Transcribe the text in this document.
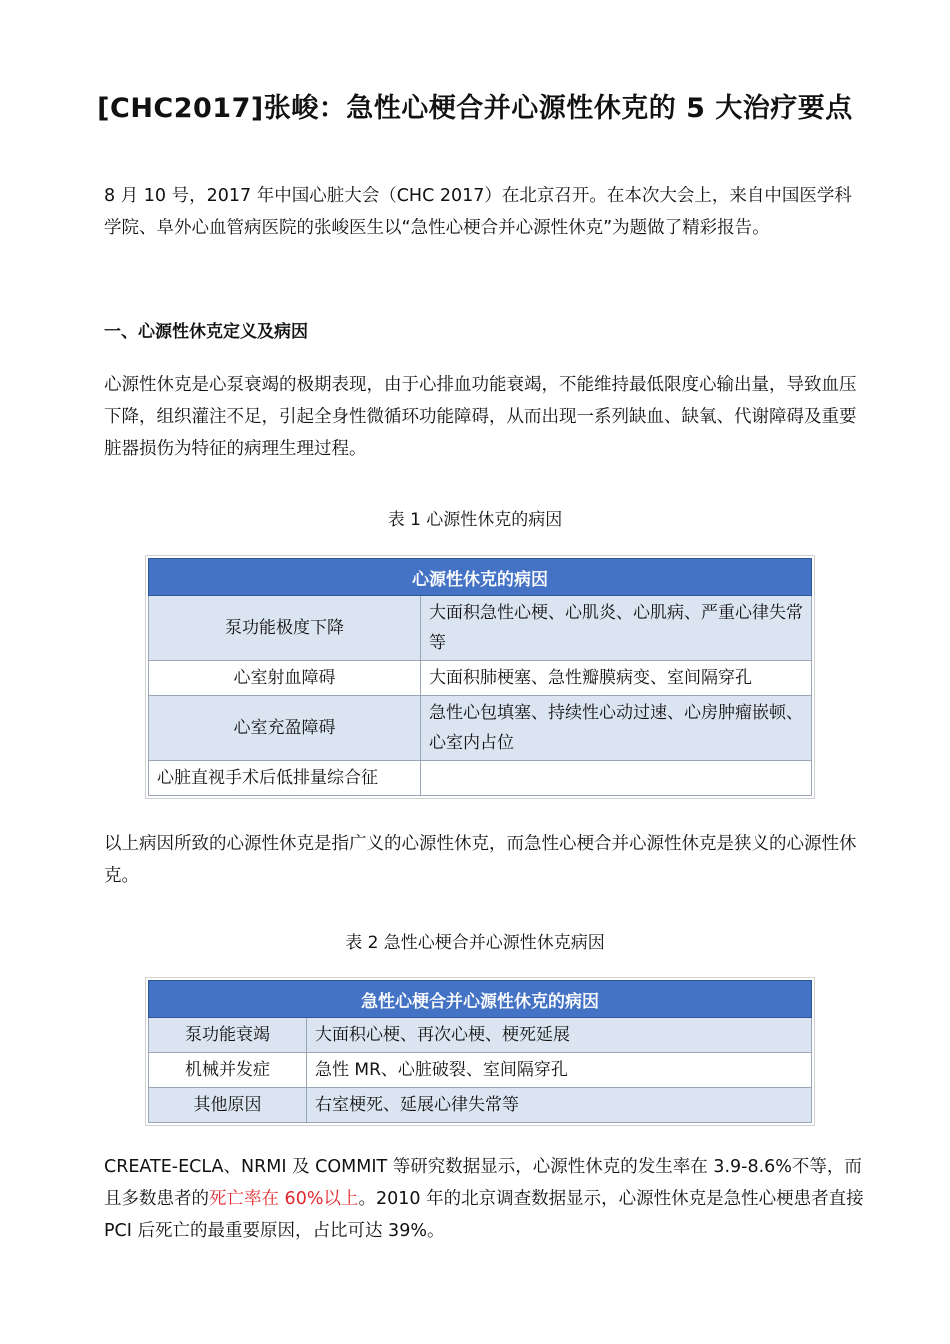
[CHC2017]张峻：急性心梗合并心源性休克的 5 大治疗要点

8 月 10 号，2017 年中国心脏大会（CHC 2017）在北京召开。在本次大会上，来自中国医学科学院、阜外心血管病医院的张峻医生以“急性心梗合并心源性休克”为题做了精彩报告。

一、心源性休克定义及病因

心源性休克是心泵衰竭的极期表现，由于心排血功能衰竭，不能维持最低限度心输出量，导致血压下降，组织灌注不足，引起全身性微循环功能障碍，从而出现一系列缺血、缺氧、代谢障碍及重要脏器损伤为特征的病理生理过程。

表 1 心源性休克的病因

心源性休克的病因	
泵功能极度下降	大面积急性心梗、心肌炎、心肌病、严重心律失常等
心室射血障碍	大面积肺梗塞、急性瓣膜病变、室间隔穿孔
心室充盈障碍	急性心包填塞、持续性心动过速、心房肿瘤嵌顿、心室内占位
心脏直视手术后低排量综合征	

以上病因所致的心源性休克是指广义的心源性休克，而急性心梗合并心源性休克是狭义的心源性休克。

表 2 急性心梗合并心源性休克病因

急性心梗合并心源性休克的病因	
泵功能衰竭	大面积心梗、再次心梗、梗死延展
机械并发症	急性 MR、心脏破裂、室间隔穿孔
其他原因	右室梗死、延展心律失常等

CREATE-ECLA、NRMI 及 COMMIT 等研究数据显示，心源性休克的发生率在 3.9-8.6%不等，而且多数患者的死亡率在 60%以上。2010 年的北京调查数据显示，心源性休克是急性心梗患者直接 PCI 后死亡的最重要原因，占比可达 39%。
